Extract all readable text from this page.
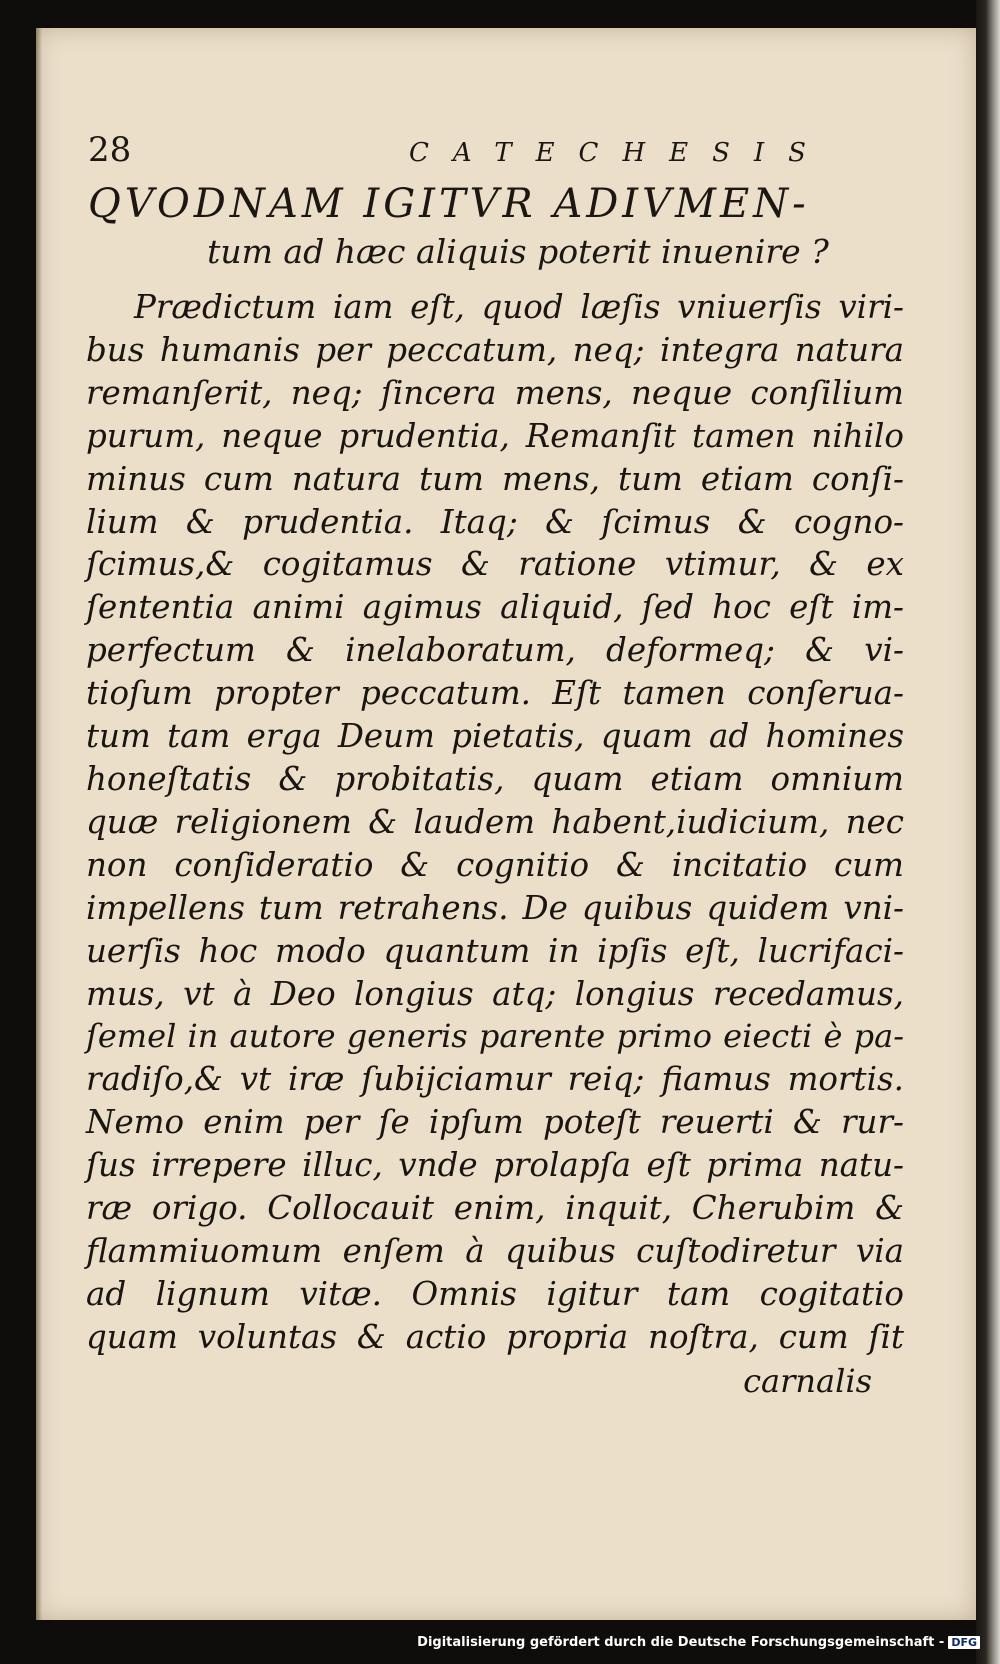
28	CATECHESIS
QVODNAM IGITVR ADIVMEN-
tum ad hæc aliquis poterit inuenire ?
Prædictum iam eſt, quod læſis vniuerſis viri-
bus humanis per peccatum, neq; integra natura
remanſerit, neq; ſincera mens, neque conſilium
purum, neque prudentia, Remanſit tamen nihilo
minus cum natura tum mens, tum etiam conſi-
lium & prudentia. Itaq; & ſcimus & cogno-
ſcimus,& cogitamus & ratione vtimur, & ex
ſententia animi agimus aliquid, ſed hoc eſt im-
perfectum & inelaboratum, deformeq; & vi-
tioſum propter peccatum. Eſt tamen conſerua-
tum tam erga Deum pietatis, quam ad homines
honeſtatis & probitatis, quam etiam omnium
quæ religionem & laudem habent,iudicium, nec
non conſideratio & cognitio & incitatio cum
impellens tum retrahens. De quibus quidem vni-
uerſis hoc modo quantum in ipſis eſt, lucrifaci-
mus, vt à Deo longius atq; longius recedamus,
ſemel in autore generis parente primo eiecti è pa-
radiſo,& vt iræ ſubijciamur reiq; fiamus mortis.
Nemo enim per ſe ipſum poteſt reuerti & rur-
ſus irrepere illuc, vnde prolapſa eſt prima natu-
ræ origo. Collocauit enim, inquit, Cherubim &
flammiuomum enſem à quibus cuſtodiretur via
ad lignum vitæ. Omnis igitur tam cogitatio
quam voluntas & actio propria noſtra, cum ſit
carnalis
Digitalisierung gefördert durch die Deutsche Forschungsgemeinschaft - DFG
